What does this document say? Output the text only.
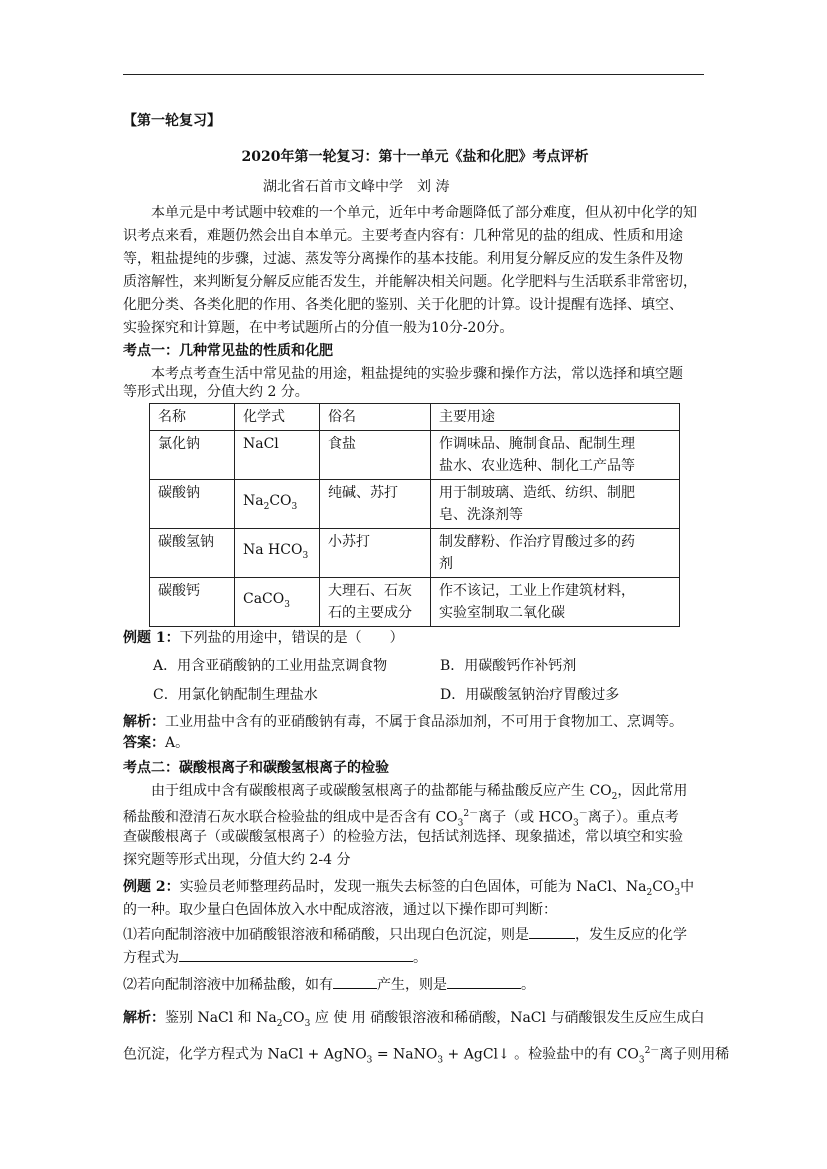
【第一轮复习】
2020年第一轮复习：第十一单元《盐和化肥》考点评析
湖北省石首市文峰中学　刘 涛
本单元是中考试题中较难的一个单元，近年中考命题降低了部分难度，但从初中化学的知
识考点来看，难题仍然会出自本单元。主要考查内容有：几种常见的盐的组成、性质和用途
等，粗盐提纯的步骤，过滤、蒸发等分离操作的基本技能。利用复分解反应的发生条件及物
质溶解性，来判断复分解反应能否发生，并能解决相关问题。化学肥料与生活联系非常密切，
化肥分类、各类化肥的作用、各类化肥的鉴别、关于化肥的计算。设计提醒有选择、填空、
实验探究和计算题，在中考试题所占的分值一般为10分-20分。
考点一：几种常见盐的性质和化肥
本考点考查生活中常见盐的用途，粗盐提纯的实验步骤和操作方法，常以选择和填空题
等形式出现，分值大约 2 分。
名称	化学式	俗名	主要用途
氯化钠	NaCl	食盐	作调味品、腌制食品、配制生理
盐水、农业选种、制化工产品等

碳酸钠	$Na_2CO_3$	纯碱、苏打	用于制玻璃、造纸、纺织、制肥
皂、洗涤剂等

碳酸氢钠	Na $HCO_3$	小苏打	制发酵粉、作治疗胃酸过多的药
剂

碳酸钙	CaCO$_3$	大理石、石灰石的主要成分	作不该记，工业上作建筑材料，
实验室制取二氧化碳
例题 1：下列盐的用途中，错误的是（　　）
A．用含亚硝酸钠的工业用盐烹调食物	B．用碳酸钙作补钙剂
C．用氯化钠配制生理盐水	D．用碳酸氢钠治疗胃酸过多
解析：工业用盐中含有的亚硝酸钠有毒，不属于食品添加剂，不可用于食物加工、烹调等。
答案：A。
考点二：碳酸根离子和碳酸氢根离子的检验
由于组成中含有碳酸根离子或碳酸氢根离子的盐都能与稀盐酸反应产生 $CO_2$，因此常用
稀盐酸和澄清石灰水联合检验盐的组成中是否含有 $CO_3^{2-}$离子（或 $HCO_3^-$离子）。重点考
查碳酸根离子（或碳酸氢根离子）的检验方法，包括试剂选择、现象描述，常以填空和实验
探究题等形式出现，分值大约 2-4 分
例题 2：实验员老师整理药品时，发现一瓶失去标签的白色固体，可能为 NaCl、$Na_2CO_3$中
的一种。取少量白色固体放入水中配成溶液，通过以下操作即可判断：
⑴若向配制溶液中加硝酸银溶液和稀硝酸，只出现白色沉淀，则是	，发生反应的化学
方程式为	。
⑵若向配制溶液中加稀盐酸，如有	产生，则是	。
解析：鉴别 NaCl 和 $Na_2CO_3$ 应 使 用 硝酸银溶液和稀硝酸，NaCl 与硝酸银发生反应生成白
色沉淀，化学方程式为 NaCl + AgNO$_3$ = NaNO$_3$ + AgCl↓ 。检验盐中的有 $CO_3^{2-}$离子则用稀
